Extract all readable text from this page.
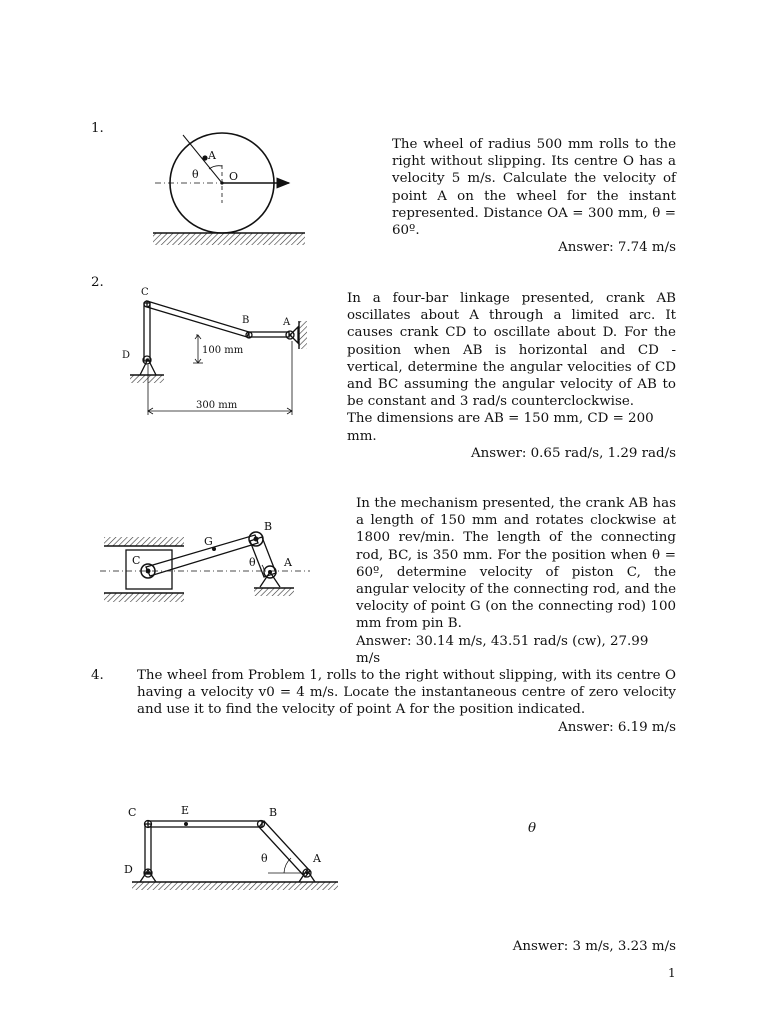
1.
A
O
θ

The wheel of radius 500 mm rolls to the right without slipping. Its centre O has a velocity 5 m/s. Calculate the velocity of point A on the wheel for the instant represented. Distance OA = 300 mm, θ = 60º.

Answer: 7.74 m/s

2.
C
B	A
D	100 mm
300 mm

In a four-bar linkage presented, crank AB oscillates about A through a limited arc. It causes crank CD to oscillate about D. For the position when AB is horizontal and CD - vertical, determine the angular velocities of CD and BC assuming the angular velocity of AB to be constant and 3 rad/s counterclockwise.

The dimensions are AB = 150 mm, CD = 200 mm.

Answer: 0.65 rad/s, 1.29 rad/s

B
G
C	θ	A

In the mechanism presented, the crank AB has a length of 150 mm and rotates clockwise at 1800 rev/min. The length of the connecting rod, BC, is 350 mm. For the position when θ = 60º, determine velocity of piston C, the angular velocity of the connecting rod, and the velocity of point G (on the connecting rod) 100 mm from pin B.

Answer: 30.14 m/s, 43.51 rad/s (cw), 27.99 m/s

4. The wheel from Problem 1, rolls to the right without slipping, with its centre O having a velocity v0 = 4 m/s. Locate the instantaneous centre of zero velocity and use it to find the velocity of point A for the position indicated.

Answer: 6.19 m/s

C	E	B
θ	A
D
θ
Answer: 3 m/s, 3.23 m/s
1
